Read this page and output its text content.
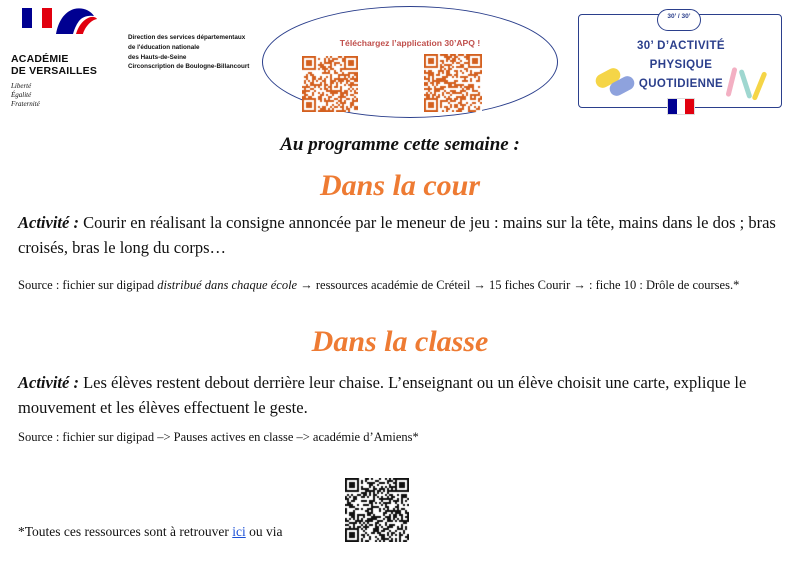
ACADÉMIE
DE VERSAILLES
Liberté
Égalité
Fraternité
Direction des services départementaux
de l'éducation nationale
des Hauts-de-Seine
Circonscription de Boulogne-Billancourt
Téléchargez l’application 30’APQ !
30’ / 30’
30’ D’ACTIVITÉ
PHYSIQUE
QUOTIDIENNE
Au programme cette semaine :
Dans la cour
Activité : Courir en réalisant la consigne annoncée par le meneur de jeu : mains sur la tête, mains dans le dos ; bras croisés, bras le long du corps…
Source : fichier sur digipad distribué dans chaque école → ressources académie de Créteil → 15 fiches Courir → : fiche 10 : Drôle de courses.*
Dans la classe
Activité : Les élèves restent debout derrière leur chaise. L’enseignant ou un élève choisit une carte, explique le mouvement et les élèves effectuent le geste.
Source : fichier sur digipad –> Pauses actives en classe –> académie d’Amiens*
*Toutes ces ressources sont à retrouver ici ou via
